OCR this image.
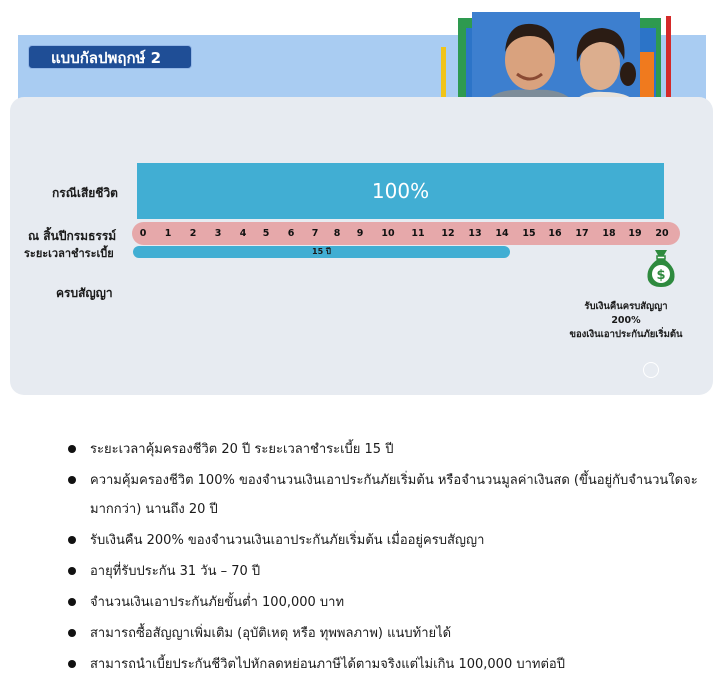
แบบกัลปพฤกษ์ 2
กรณีเสียชีวิต
ณ สิ้นปีกรมธรรม์
ระยะเวลาชำระเบี้ย
ครบสัญญา
100%
0 1 2 3 4 5 6 7 8 9 10 11 12 13 14 15 16 17 18 19 20
15 ปี
$
รับเงินคืนครบสัญญา
200%
ของเงินเอาประกันภัยเริ่มต้น
ระยะเวลาคุ้มครองชีวิต 20 ปี ระยะเวลาชำระเบี้ย 15 ปี
ความคุ้มครองชีวิต 100% ของจำนวนเงินเอาประกันภัยเริ่มต้น หรือจำนวนมูลค่าเงินสด (ขึ้นอยู่กับจำนวนใดจะมากกว่า) นานถึง 20 ปี
รับเงินคืน 200% ของจำนวนเงินเอาประกันภัยเริ่มต้น เมื่ออยู่ครบสัญญา
อายุที่รับประกัน 31 วัน – 70 ปี
จำนวนเงินเอาประกันภัยขั้นต่ำ 100,000 บาท
สามารถซื้อสัญญาเพิ่มเติม (อุบัติเหตุ หรือ ทุพพลภาพ) แนบท้ายได้
สามารถนำเบี้ยประกันชีวิตไปหักลดหย่อนภาษีได้ตามจริงแต่ไม่เกิน 100,000 บาทต่อปี
